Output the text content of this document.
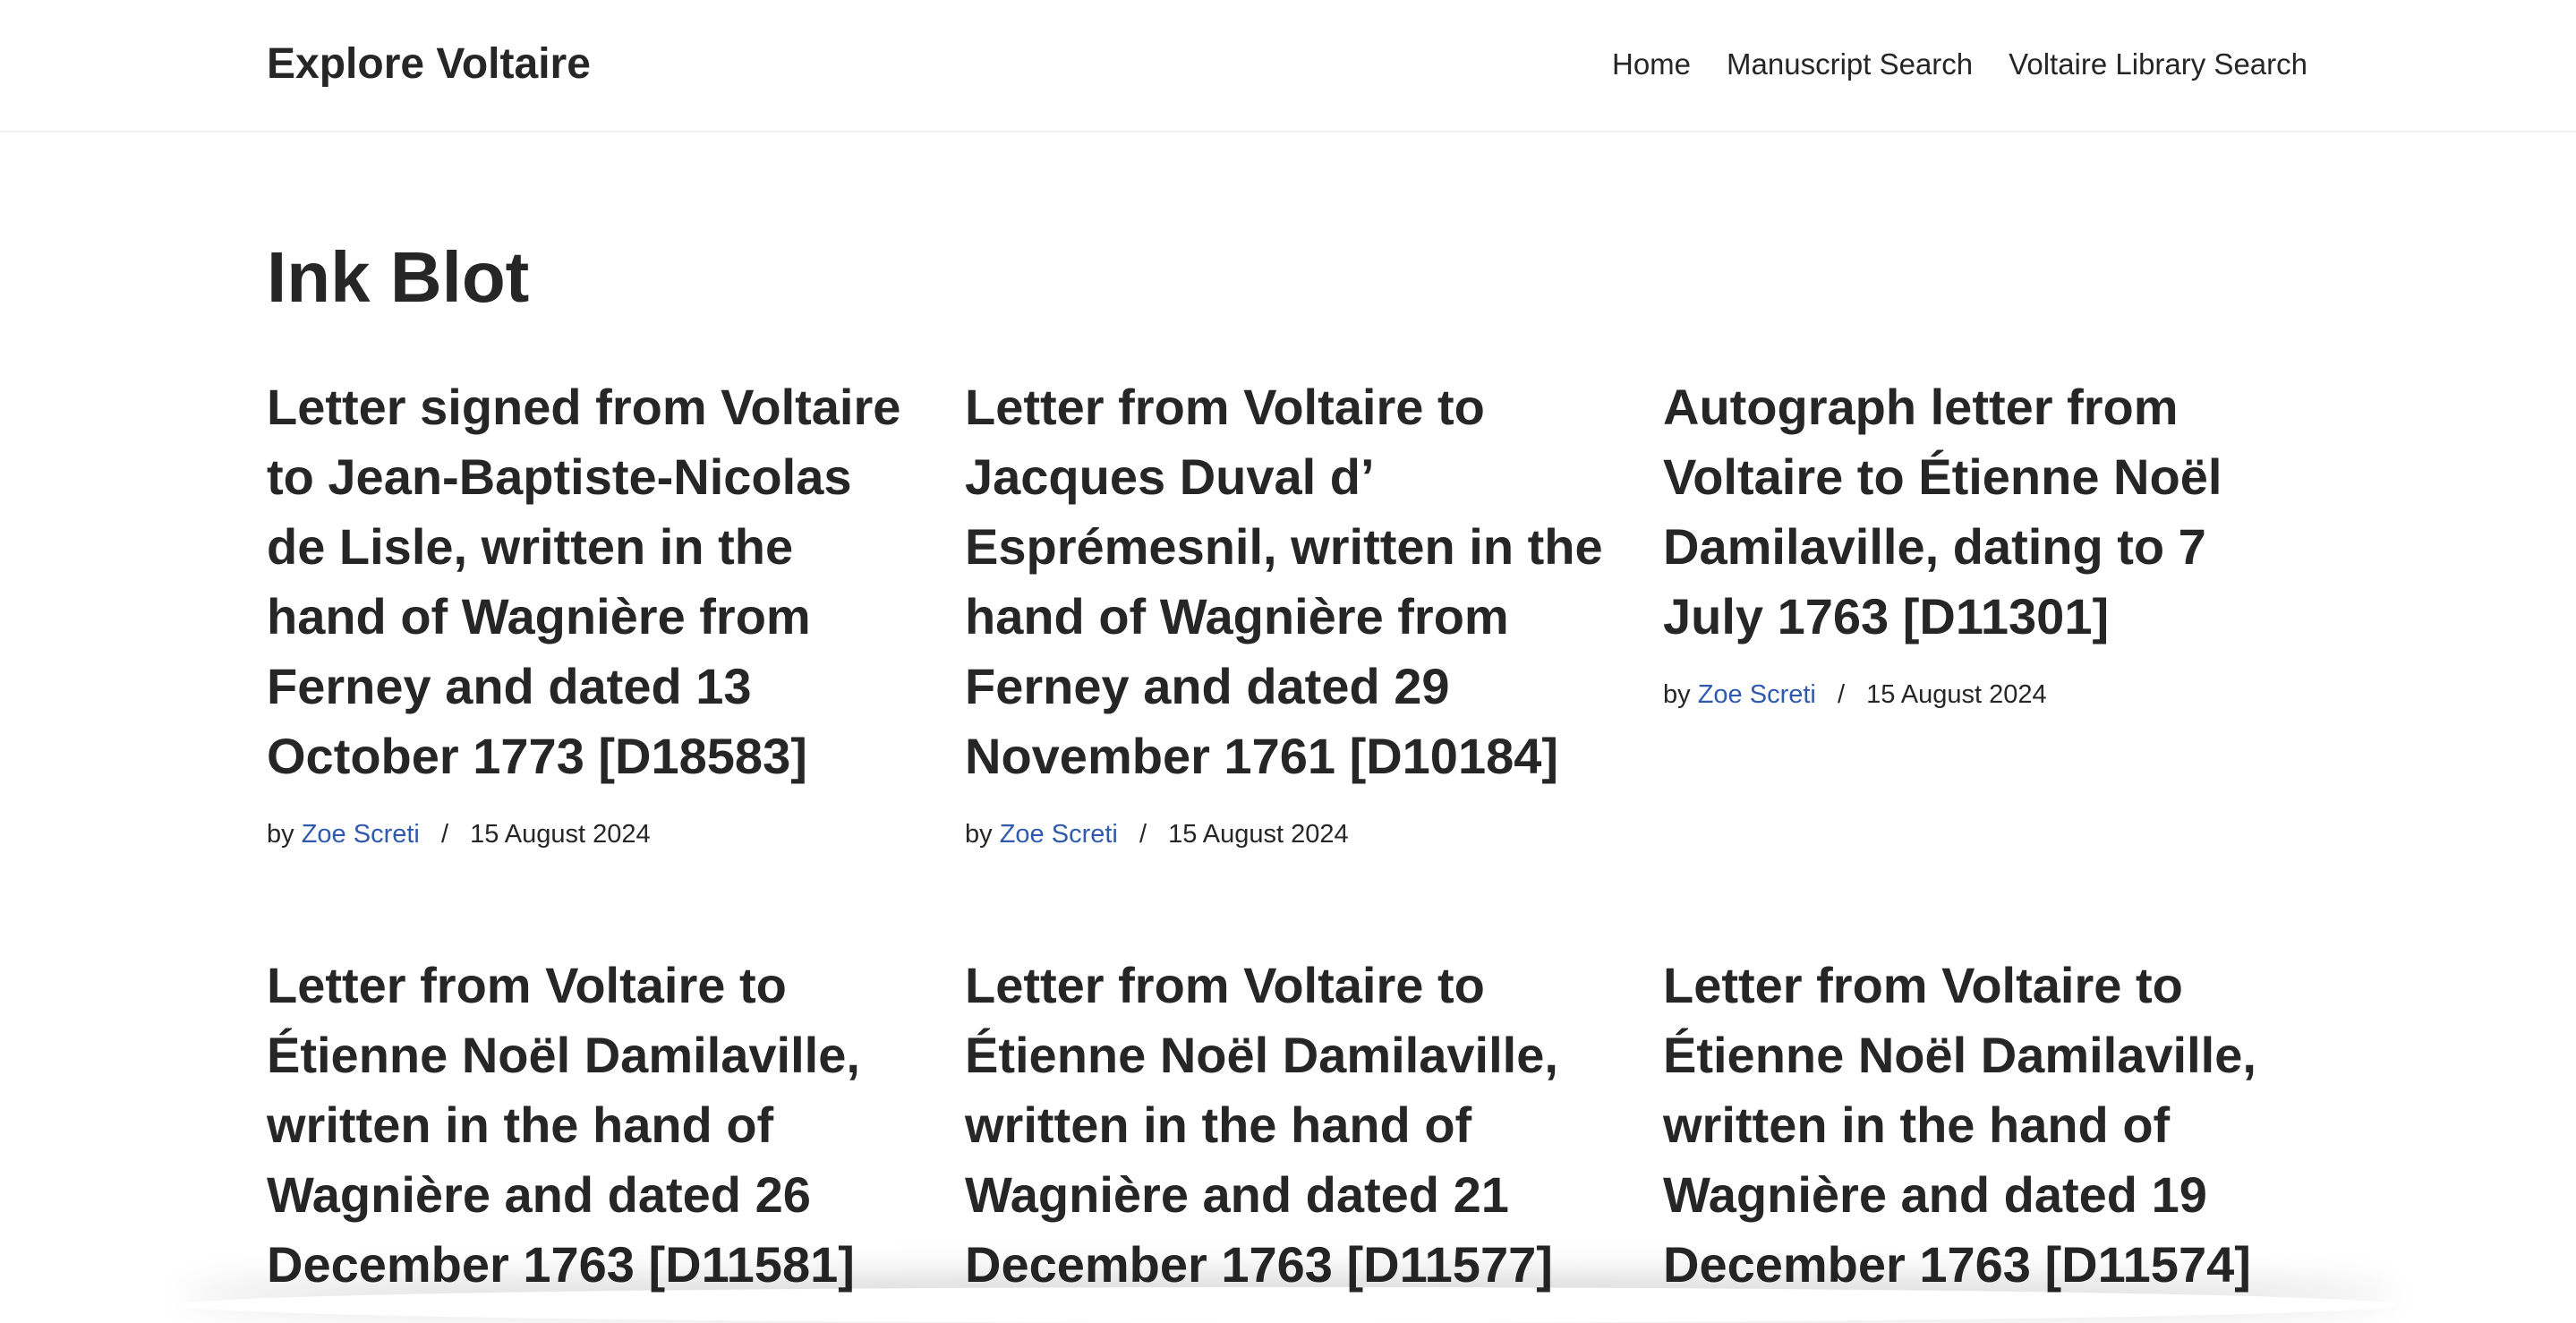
Explore Voltaire	Home Manuscript Search Voltaire Library Search
Ink Blot
Letter signed from Voltaire to Jean-Baptiste-Nicolas de Lisle, written in the hand of Wagnière from Ferney and dated 13 October 1773 [D18583]
by Zoe Screti / 15 August 2024
Letter from Voltaire to Jacques Duval d’ Esprémesnil, written in the hand of Wagnière from Ferney and dated 29 November 1761 [D10184]
by Zoe Screti / 15 August 2024
Autograph letter from Voltaire to Étienne Noël Damilaville, dating to 7 July 1763 [D11301]
by Zoe Screti / 15 August 2024
Letter from Voltaire to Étienne Noël Damilaville, written in the hand of Wagnière and dated 26 December 1763 [D11581]
Letter from Voltaire to Étienne Noël Damilaville, written in the hand of Wagnière and dated 21 December 1763 [D11577]
Letter from Voltaire to Étienne Noël Damilaville, written in the hand of Wagnière and dated 19 December 1763 [D11574]
